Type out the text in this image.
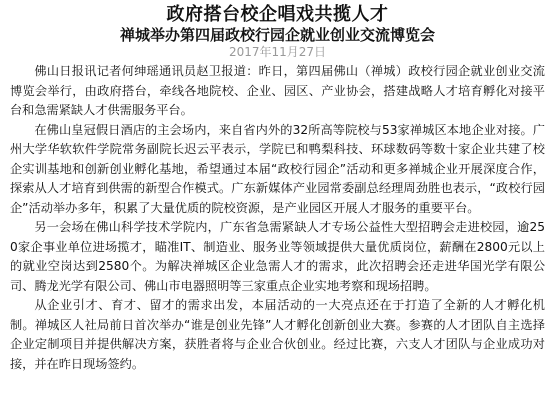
政府搭台校企唱戏共揽人才
禅城举办第四届政校行园企就业创业交流博览会
2017年11月27日

佛山日报讯记者何绅瑶通讯员赵卫报道：昨日，第四届佛山（禅城）政校行园企就业创业交流博览会举行，由政府搭台，牵线各地院校、企业、园区、产业协会，搭建战略人才培育孵化对接平台和急需紧缺人才供需服务平台。

在佛山皇冠假日酒店的主会场内，来自省内外的32所高等院校与53家禅城区本地企业对接。广州大学华软软件学院常务副院长迟云平表示，学院已和鸭梨科技、环球数码等数十家企业共建了校企实训基地和创新创业孵化基地，希望通过本届“政校行园企”活动和更多禅城企业开展深度合作，探索从人才培育到供需的新型合作模式。广东新媒体产业园常委副总经理周劲胜也表示，“政校行园企”活动举办多年，积累了大量优质的院校资源，是产业园区开展人才服务的重要平台。

另一会场在佛山科学技术学院内，广东省急需紧缺人才专场公益性大型招聘会走进校园，逾250家企事业单位进场揽才，瞄准IT、制造业、服务业等领域提供大量优质岗位，薪酬在2800元以上的就业空岗达到2580个。为解决禅城区企业急需人才的需求，此次招聘会还走进华国光学有限公司、腾龙光学有限公司、佛山市电器照明等三家重点企业实地考察和现场招聘。

从企业引才、育才、留才的需求出发，本届活动的一大亮点还在于打造了全新的人才孵化机制。禅城区人社局前日首次举办“谁是创业先锋”人才孵化创新创业大赛。参赛的人才团队自主选择企业定制项目并提供解决方案，获胜者将与企业合伙创业。经过比赛，六支人才团队与企业成功对接，并在昨日现场签约。
